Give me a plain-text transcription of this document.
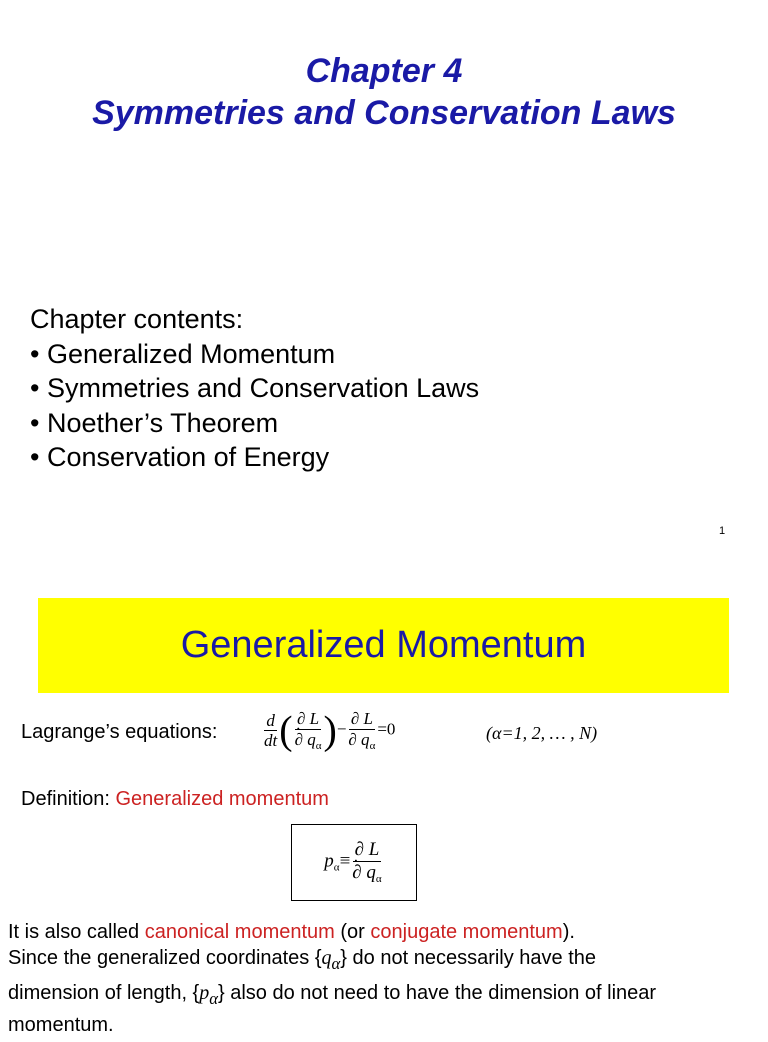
Chapter 4
Symmetries and Conservation Laws
Chapter contents:
• Generalized Momentum
• Symmetries and Conservation Laws
• Noether’s Theorem
• Conservation of Energy
1
Generalized Momentum
Lagrange’s equations:	$\frac{d}{dt}$ ( ∂ L
· ∂ $q_\alpha$ )− $\frac{\partial L}{\partial q_\alpha} =0$	(α=1, 2, … , N)
Definition: Generalized momentum
$p_\alpha\equiv$ ∂ L
· ∂ $q_\alpha$
It is also called canonical momentum (or conjugate momentum).
Since the generalized coordinates $\{q_\alpha\}$ do not necessarily have the
dimension of length, $\{p_\alpha\}$ also do not need to have the dimension of linear
momentum.
